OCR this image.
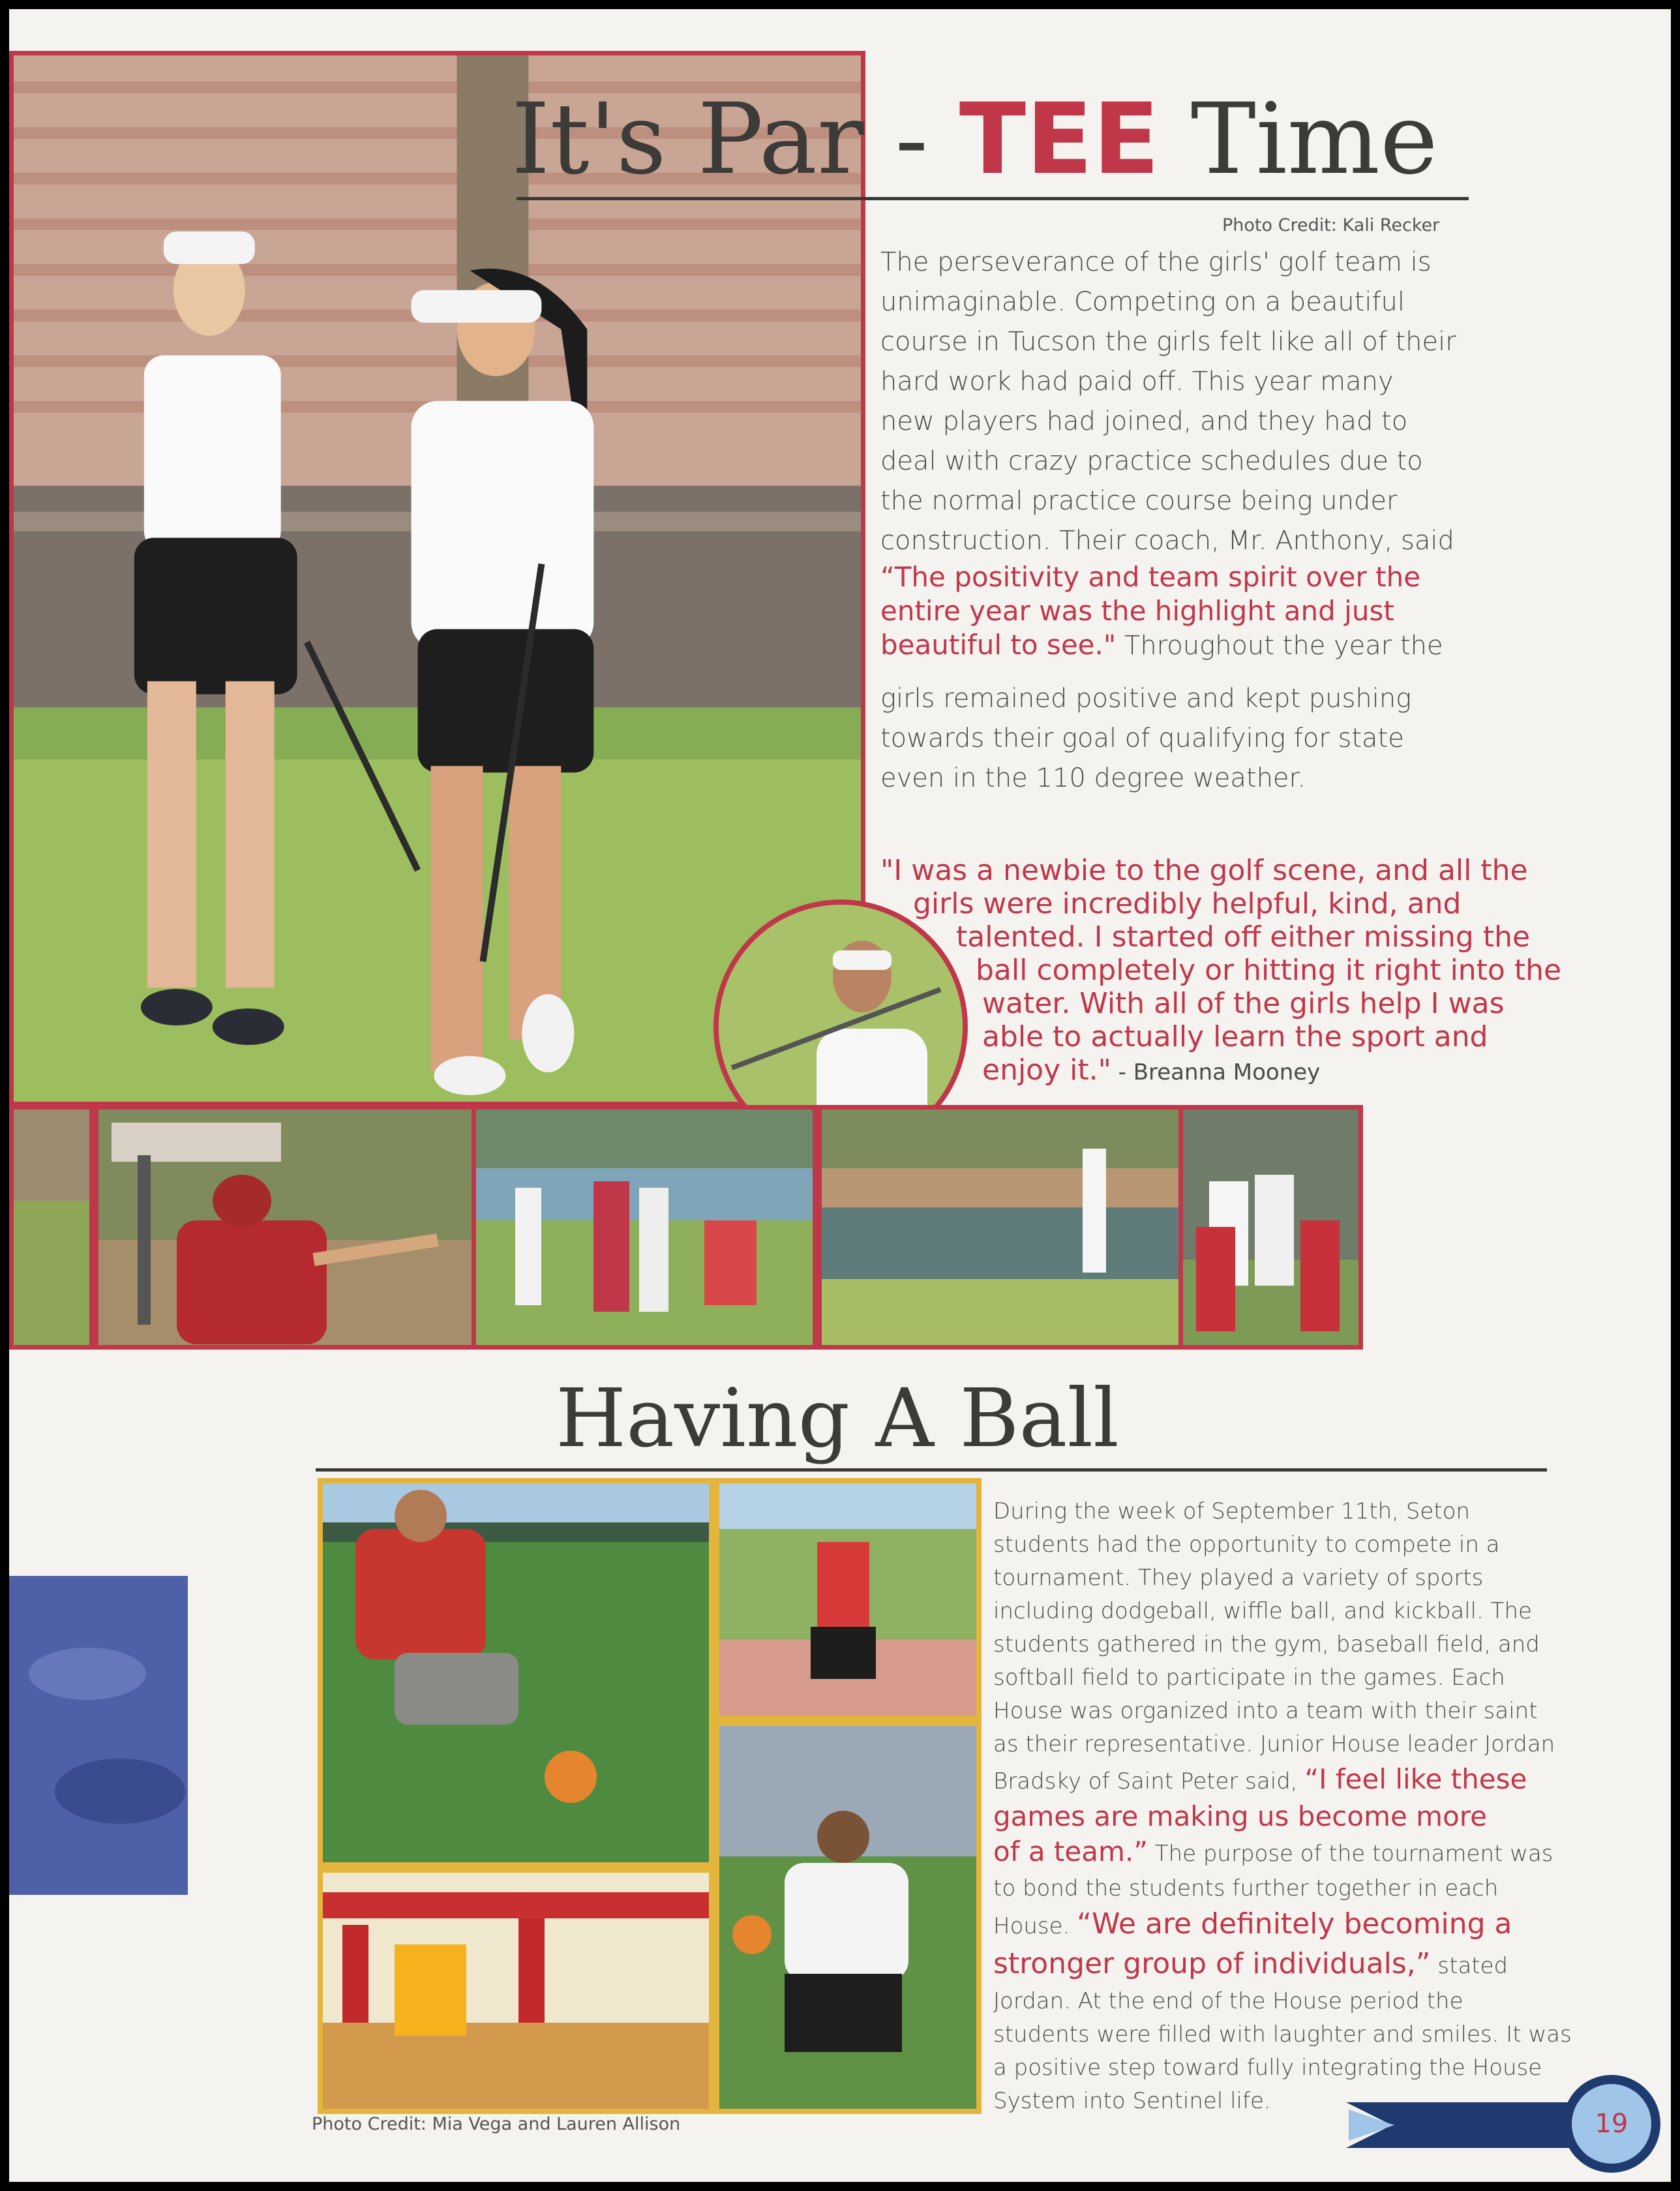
It's Par - TEE Time
Photo Credit: Kali Recker
The perseverance of the girls' golf team is
unimaginable. Competing on a beautiful
course in Tucson the girls felt like all of their
hard work had paid off. This year many
new players had joined, and they had to
deal with crazy practice schedules due to
the normal practice course being under
construction. Their coach, Mr. Anthony, said
“The positivity and team spirit over the
entire year was the highlight and just
beautiful to see." Throughout the year the
girls remained positive and kept pushing
towards their goal of qualifying for state
even in the 110 degree weather.
"I was a newbie to the golf scene, and all the
girls were incredibly helpful, kind, and
talented. I started off either missing the
ball completely or hitting it right into the
water. With all of the girls help I was
able to actually learn the sport and
enjoy it." - Breanna Mooney
Having A Ball
Photo Credit: Mia Vega and Lauren Allison
During the week of September 11th, Seton
students had the opportunity to compete in a
tournament. They played a variety of sports
including dodgeball, wiffle ball, and kickball. The
students gathered in the gym, baseball field, and
softball field to participate in the games. Each
House was organized into a team with their saint
as their representative. Junior House leader Jordan
Bradsky of Saint Peter said, “I feel like these
games are making us become more
of a team.” The purpose of the tournament was
to bond the students further together in each
House. “We are definitely becoming a
stronger group of individuals,” stated
Jordan. At the end of the House period the
students were filled with laughter and smiles. It was
a positive step toward fully integrating the House
System into Sentinel life.
19
